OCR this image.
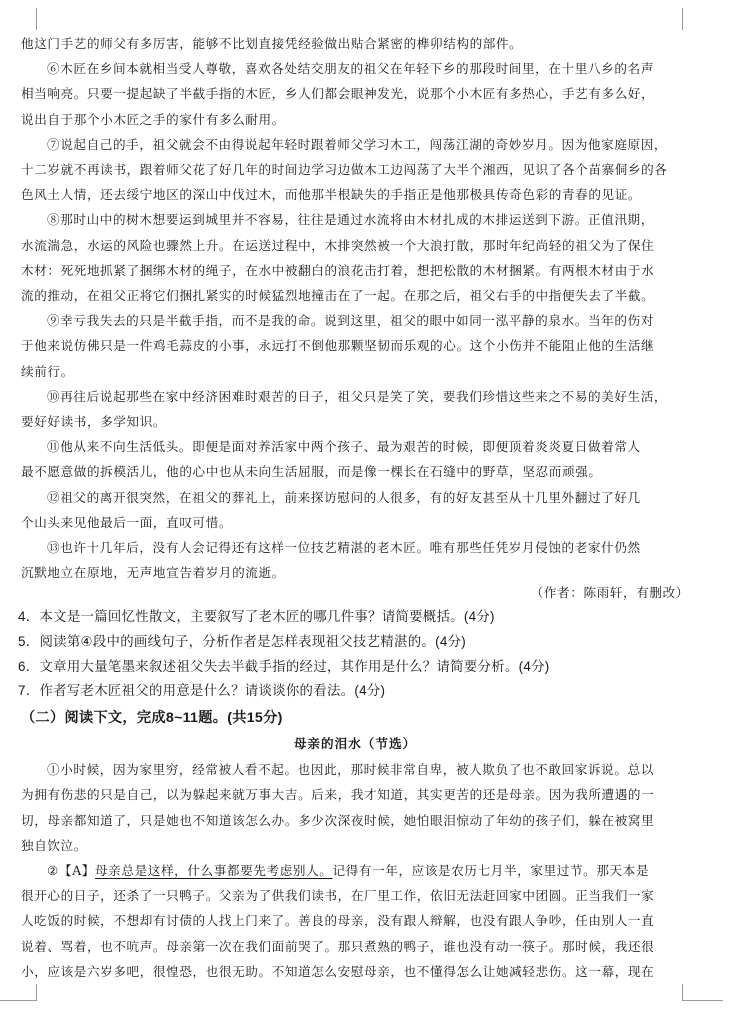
他这门手艺的师父有多厉害，能够不比划直接凭经验做出贴合紧密的榫卯结构的部件。
⑥木匠在乡间本就相当受人尊敬，喜欢各处结交朋友的祖父在年轻下乡的那段时间里，在十里八乡的名声
相当响亮。只要一提起缺了半截手指的木匠，乡人们都会眼神发光，说那个小木匠有多热心，手艺有多么好，
说出自于那个小木匠之手的家什有多么耐用。
⑦说起自己的手，祖父就会不由得说起年轻时跟着师父学习木工，闯荡江湖的奇妙岁月。因为他家庭原因，
十二岁就不再读书，跟着师父花了好几年的时间边学习边做木工边闯荡了大半个湘西，见识了各个苗寨侗乡的各
色风土人情，还去绥宁地区的深山中伐过木，而他那半根缺失的手指正是他那极具传奇色彩的青春的见证。
⑧那时山中的树木想要运到城里并不容易，往往是通过水流将由木材扎成的木排运送到下游。正值汛期，
水流湍急，水运的风险也骤然上升。在运送过程中，木排突然被一个大浪打散，那时年纪尚轻的祖父为了保住
木材：死死地抓紧了捆绑木材的绳子，在水中被翻白的浪花击打着，想把松散的木材捆紧。有两根木材由于水
流的推动，在祖父正将它们捆扎紧实的时候猛烈地撞击在了一起。在那之后，祖父右手的中指便失去了半截。
⑨幸亏我失去的只是半截手指，而不是我的命。说到这里，祖父的眼中如同一泓平静的泉水。当年的伤对
于他来说仿佛只是一件鸡毛蒜皮的小事，永远打不倒他那颗坚韧而乐观的心。这个小伤并不能阻止他的生活继
续前行。
⑩再往后说起那些在家中经济困难时艰苦的日子，祖父只是笑了笑，要我们珍惜这些来之不易的美好生活，
要好好读书，多学知识。
⑪他从来不向生活低头。即便是面对养活家中两个孩子、最为艰苦的时候，即便顶着炎炎夏日做着常人
最不愿意做的拆模活儿，他的心中也从未向生活屈服，而是像一棵长在石缝中的野草，坚忍而顽强。
⑫祖父的离开很突然，在祖父的葬礼上，前来探访慰问的人很多，有的好友甚至从十几里外翻过了好几
个山头来见他最后一面，直叹可惜。
⑬也许十几年后，没有人会记得还有这样一位技艺精湛的老木匠。唯有那些任凭岁月侵蚀的老家什仍然
沉默地立在原地，无声地宣告着岁月的流逝。
（作者：陈雨轩，有删改）
4．本文是一篇回忆性散文，主要叙写了老木匠的哪几件事？请简要概括。(4分)
5．阅读第④段中的画线句子，分析作者是怎样表现祖父技艺精湛的。(4分)
6．文章用大量笔墨来叙述祖父失去半截手指的经过，其作用是什么？请简要分析。(4分)
7．作者写老木匠祖父的用意是什么？请谈谈你的看法。(4分)
（二）阅读下文，完成8~11题。(共15分)
母亲的泪水（节选）
①小时候，因为家里穷，经常被人看不起。也因此，那时候非常自卑，被人欺负了也不敢回家诉说。总以
为拥有伤悲的只是自己，以为躲起来就万事大吉。后来，我才知道，其实更苦的还是母亲。因为我所遭遇的一
切，母亲都知道了，只是她也不知道该怎么办。多少次深夜时候，她怕眼泪惊动了年幼的孩子们，躲在被窝里
独自饮泣。
②【A】母亲总是这样，什么事都要先考虑别人。记得有一年，应该是农历七月半，家里过节。那天本是
很开心的日子，还杀了一只鸭子。父亲为了供我们读书，在厂里工作，依旧无法赶回家中团圆。正当我们一家
人吃饭的时候，不想却有讨债的人找上门来了。善良的母亲，没有跟人辩解，也没有跟人争吵，任由别人一直
说着、骂着，也不吭声。母亲第一次在我们面前哭了。那只煮熟的鸭子，谁也没有动一筷子。那时候，我还很
小，应该是六岁多吧，很惶恐，也很无助。不知道怎么安慰母亲，也不懂得怎么让她减轻悲伤。这一幕，现在
